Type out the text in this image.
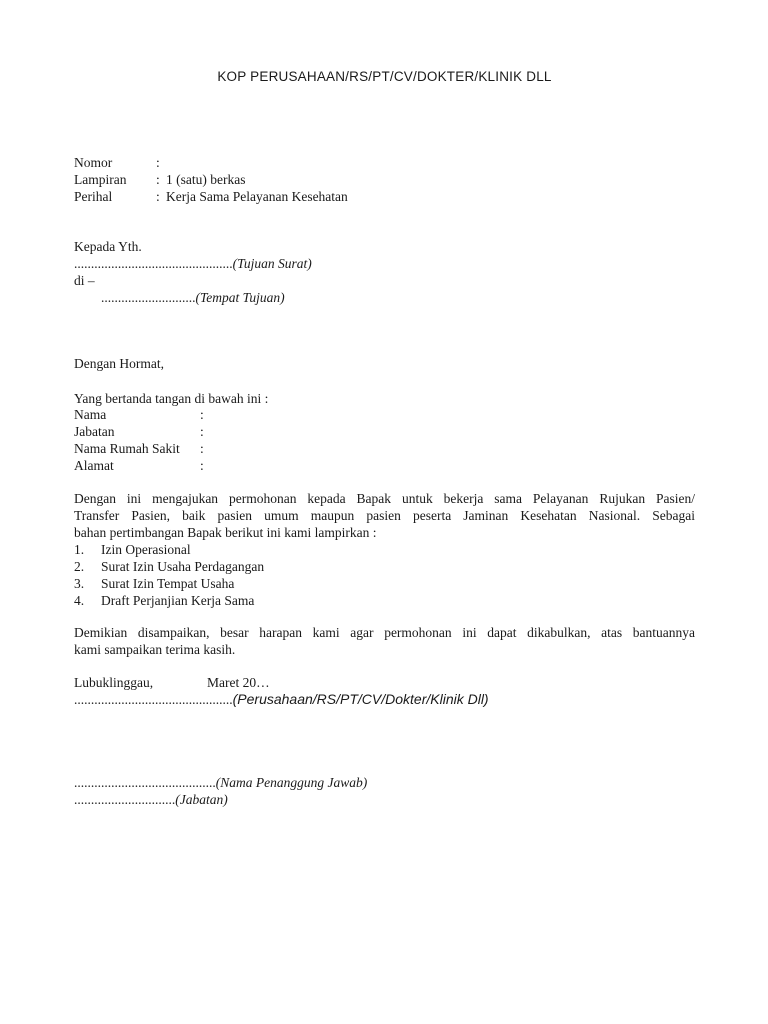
KOP PERUSAHAAN/RS/PT/CV/DOKTER/KLINIK DLL
Nomor	:
Lampiran : 1 (satu) berkas
Perihal	: Kerja Sama Pelayanan Kesehatan
Kepada Yth.
...............................................(Tujuan Surat)
di –
............................(Tempat Tujuan)
Dengan Hormat,
Yang bertanda tangan di bawah ini :
Nama	:
Jabatan	:
Nama Rumah Sakit :
Alamat	:
Dengan ini mengajukan permohonan kepada Bapak untuk bekerja sama Pelayanan Rujukan Pasien/
Transfer Pasien, baik pasien umum maupun pasien peserta Jaminan Kesehatan Nasional. Sebagai
bahan pertimbangan Bapak berikut ini kami lampirkan :
1. Izin Operasional
2. Surat Izin Usaha Perdagangan
3. Surat Izin Tempat Usaha
4. Draft Perjanjian Kerja Sama
Demikian disampaikan, besar harapan kami agar permohonan ini dapat dikabulkan, atas bantuannya
kami sampaikan terima kasih.
Lubuklinggau,	Maret 20…
...............................................(Perusahaan/RS/PT/CV/Dokter/Klinik Dll)
..........................................(Nama Penanggung Jawab)
..............................(Jabatan)
